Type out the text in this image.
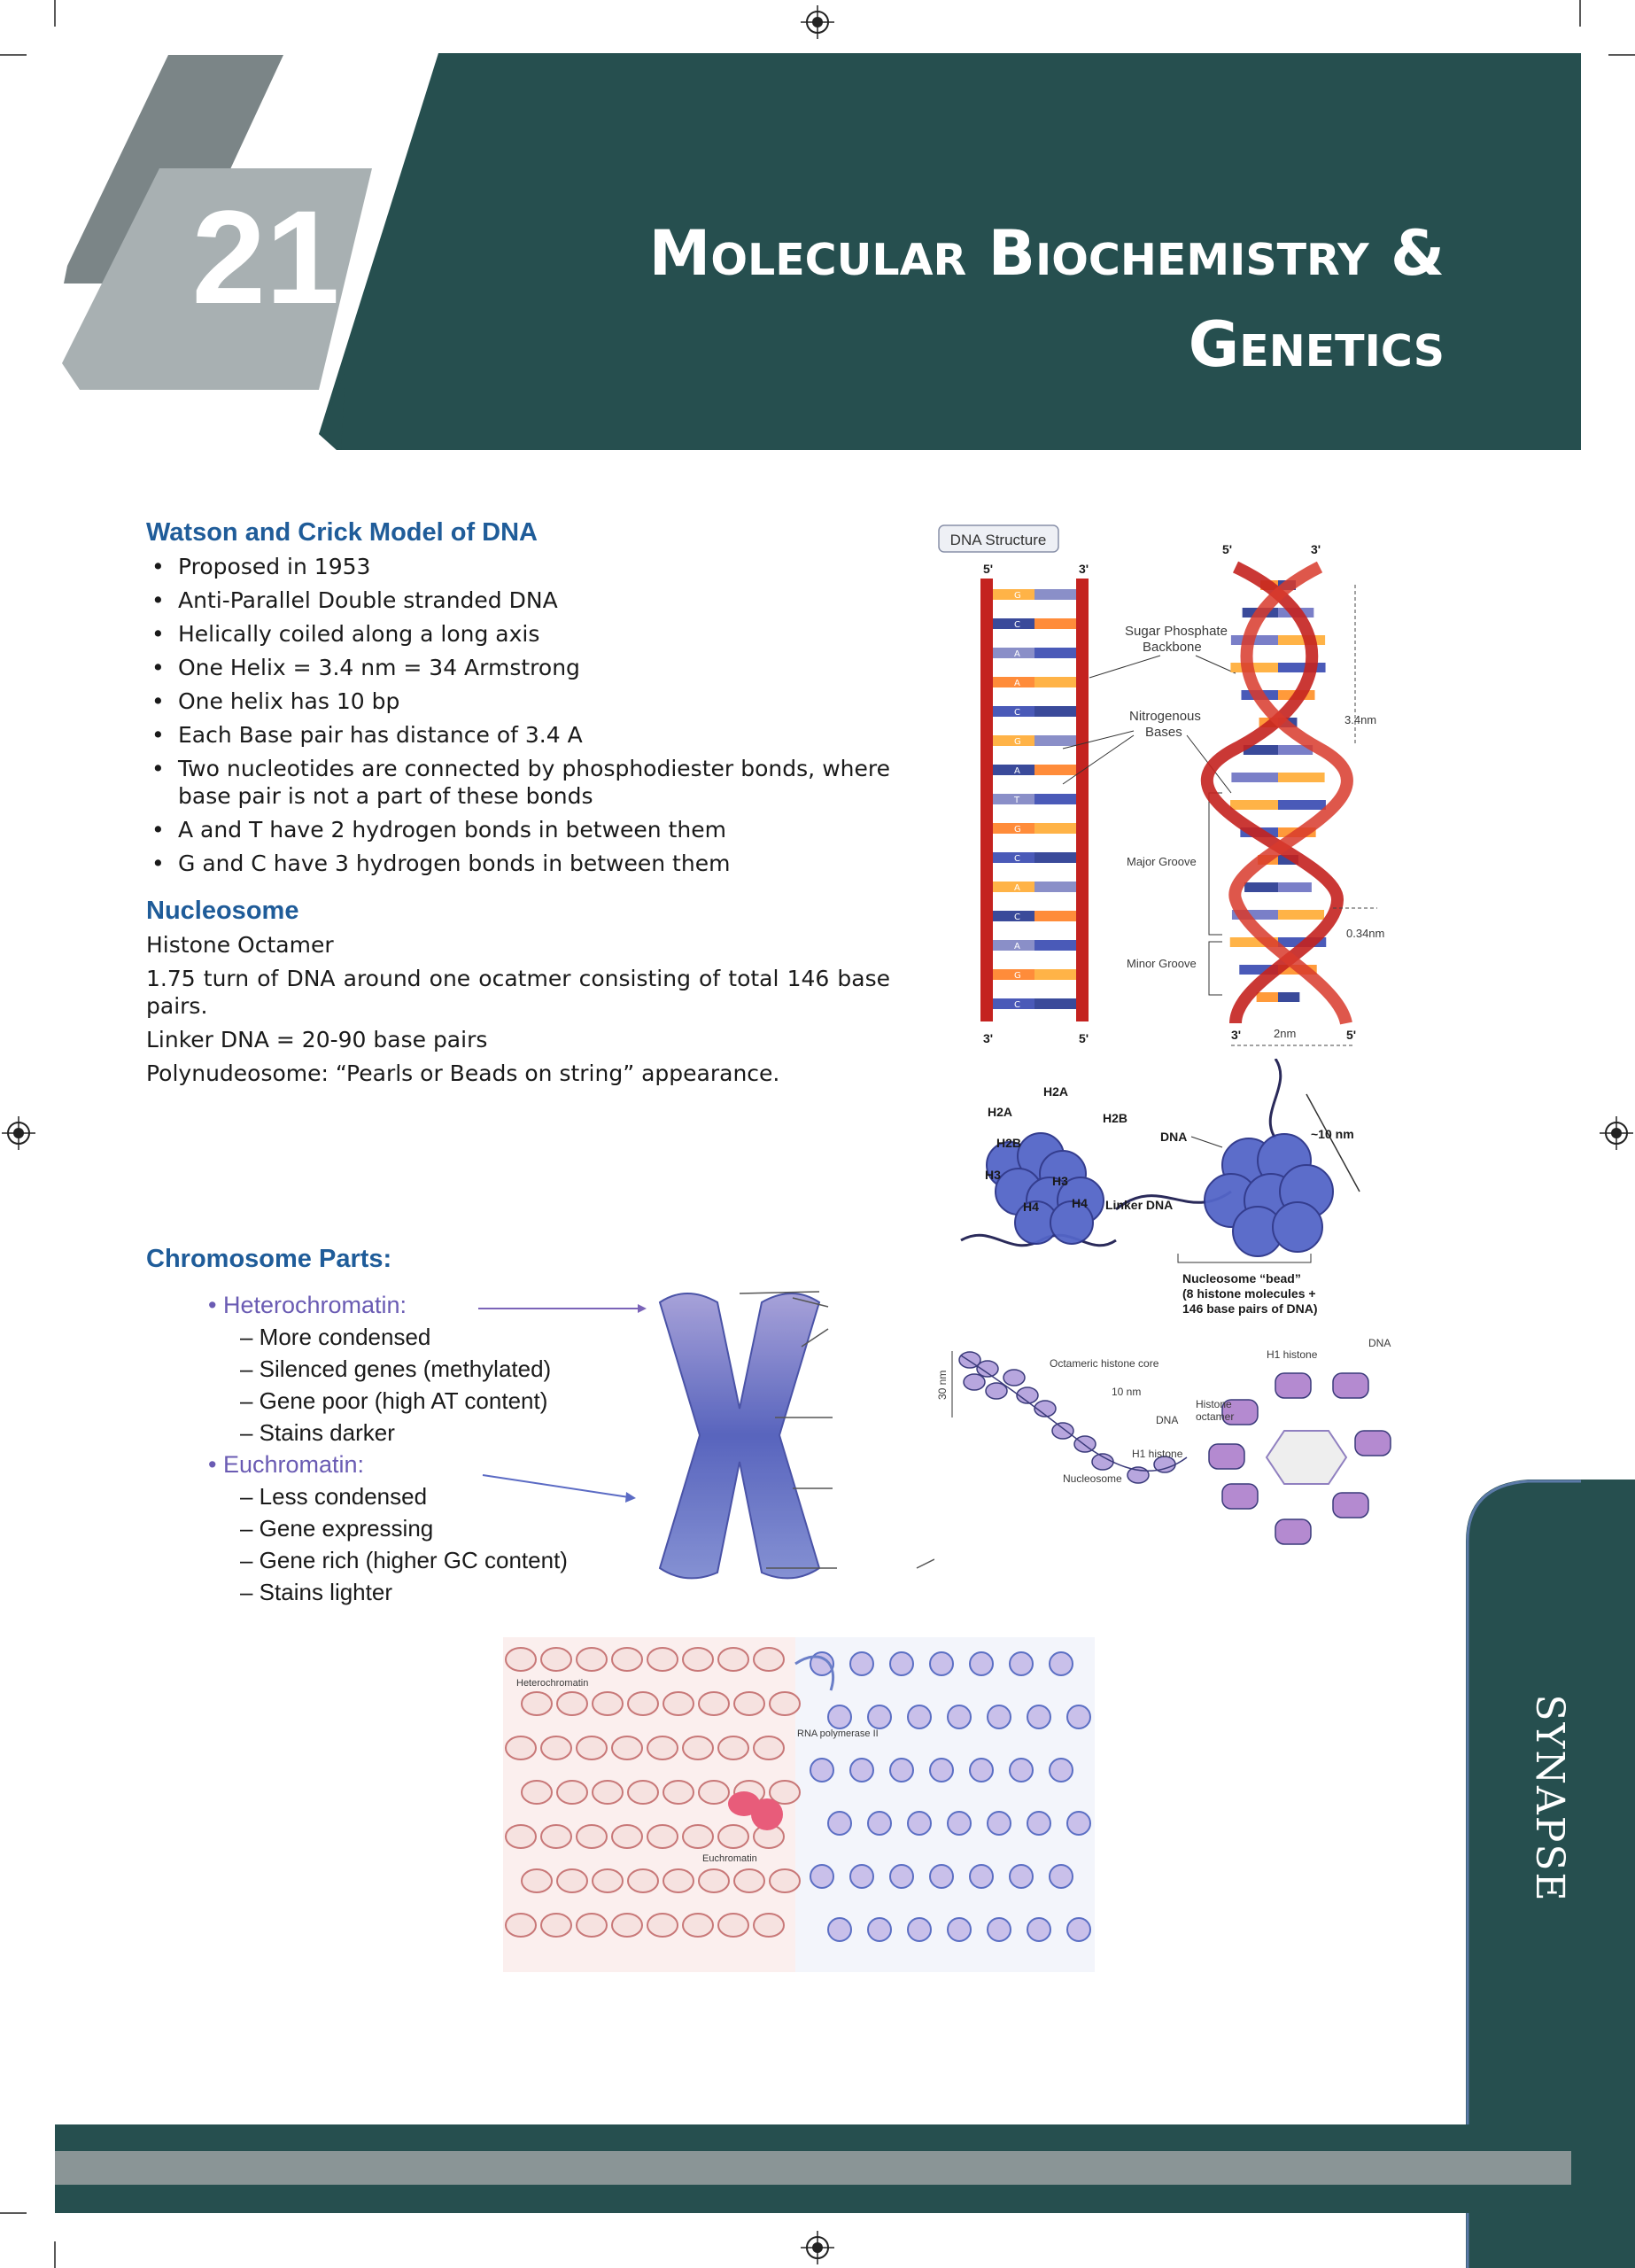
21	Molecular Biochemistry &
Genetics
Watson and Crick Model of DNA
• Proposed in 1953
• Anti-Parallel Double stranded DNA
• Helically coiled along a long axis
• One Helix = 3.4 nm = 34 Armstrong
• One helix has 10 bp
• Each Base pair has distance of 3.4 A
• Two nucleotides are connected by phosphodiester bonds, where base pair is not a part of these bonds
• A and T have 2 hydrogen bonds in between them
• G and C have 3 hydrogen bonds in between them
Nucleosome

Histone Octamer

1.75 turn of DNA around one ocatmer consisting of total 146 base pairs.

Linker DNA = 20-90 base pairs

Polynudeosome: “Pearls or Beads on string” appearance.

Chromosome Parts:
• Heterochromatin:
– More condensed
– Silenced genes (methylated)
– Gene poor (high AT content)
– Stains darker
• Euchromatin:
– Less condensed
– Gene expressing
– Gene rich (higher GC content)
– Stains lighter
DNA Structure
5'	3'
G
C
A
A
C
G
A
T
G
C
A
C
A
G
C
3'	5'
Sugar Phosphate
Backbone
Nitrogenous
Bases
Major Groove
Minor Groove
5'	3'
3.4nm
0.34nm
3'	2nm	5'
H2A
H2A	H2B
H2B
H3	H3
H4	H4
DNA	~10 nm
Linker DNA
Nucleosome “bead”
(8 histone molecules +
146 base pairs of DNA)
30 nm
Octameric histone core
10 nm
DNA
H1 histone
Nucleosome
H1 histone
DNA
Histone
octamer
Heterochromatin
Euchromatin
RNA polymerase II	SYNAPSE
